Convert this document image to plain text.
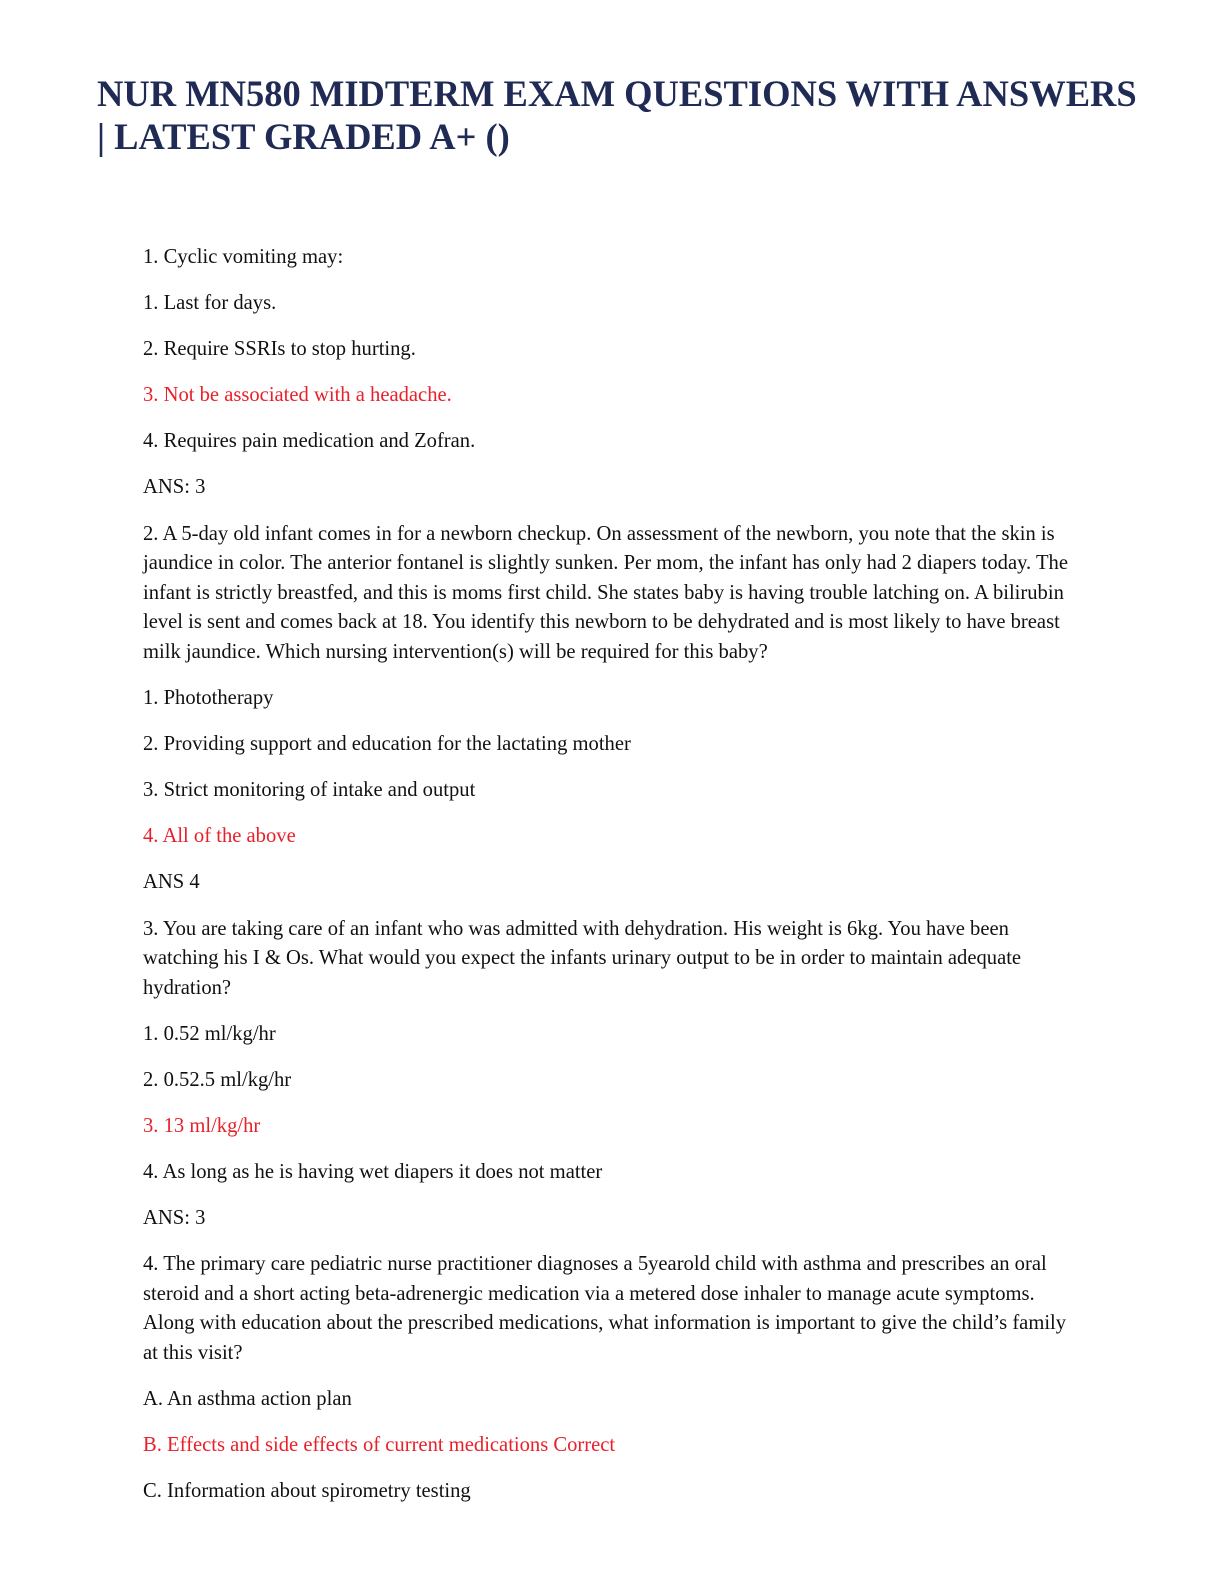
NUR MN580 MIDTERM EXAM QUESTIONS WITH ANSWERS | LATEST GRADED A+ ()

1. Cyclic vomiting may:

1. Last for days.

2. Require SSRIs to stop hurting.

3. Not be associated with a headache.

4. Requires pain medication and Zofran.

ANS: 3

2. A 5-day old infant comes in for a newborn checkup. On assessment of the newborn, you note that the skin is jaundice in color. The anterior fontanel is slightly sunken. Per mom, the infant has only had 2 diapers today. The infant is strictly breastfed, and this is moms first child. She states baby is having trouble latching on. A bilirubin level is sent and comes back at 18. You identify this newborn to be dehydrated and is most likely to have breast milk jaundice. Which nursing intervention(s) will be required for this baby?

1. Phototherapy

2. Providing support and education for the lactating mother

3. Strict monitoring of intake and output

4. All of the above

ANS 4

3. You are taking care of an infant who was admitted with dehydration. His weight is 6kg. You have been watching his I & Os. What would you expect the infants urinary output to be in order to maintain adequate hydration?

1. 0.52 ml/kg/hr

2. 0.52.5 ml/kg/hr

3. 13 ml/kg/hr

4. As long as he is having wet diapers it does not matter

ANS: 3

4. The primary care pediatric nurse practitioner diagnoses a 5yearold child with asthma and prescribes an oral steroid and a short acting beta-adrenergic medication via a metered dose inhaler to manage acute symptoms. Along with education about the prescribed medications, what information is important to give the child’s family at this visit?

A. An asthma action plan

B. Effects and side effects of current medications Correct

C. Information about spirometry testing
